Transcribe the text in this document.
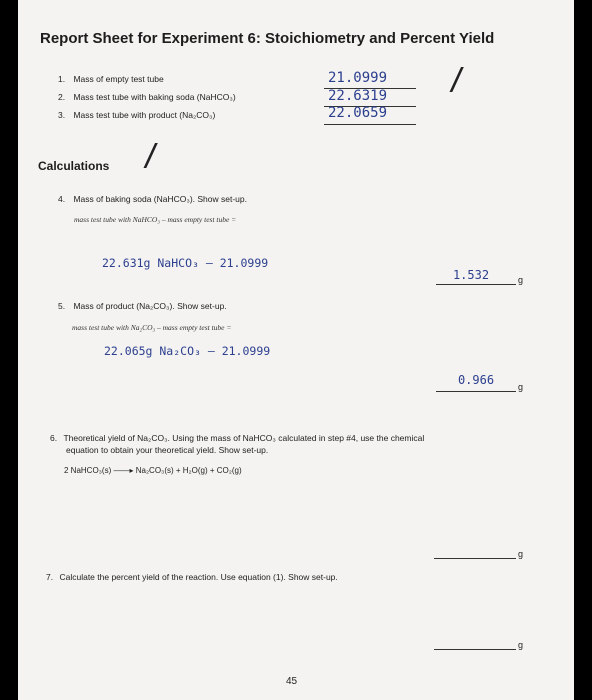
Report Sheet for Experiment 6: Stoichiometry and Percent Yield
1. Mass of empty test tube	21.0999
2. Mass test tube with baking soda (NaHCO₃)	22.6319
3. Mass test tube with product (Na₂CO₃)	22.0659
/
Calculations /
4. Mass of baking soda (NaHCO₃). Show set-up.
mass test tube with NaHCO₃ – mass empty test tube =
22.631g NaHCO₃ – 21.0999
1.532	g
5. Mass of product (Na₂CO₃). Show set-up.
mass test tube with Na₂CO₃ – mass empty test tube =
22.065g Na₂CO₃ – 21.0999
0.966	g
6. Theoretical yield of Na₂CO₃. Using the mass of NaHCO₃ calculated in step #4, use the chemical
equation to obtain your theoretical yield. Show set-up.
2 NaHCO₃(s) ——▸ Na₂CO₃(s) + H₂O(g) + CO₂(g)
g
7. Calculate the percent yield of the reaction. Use equation (1). Show set-up.
g
45
